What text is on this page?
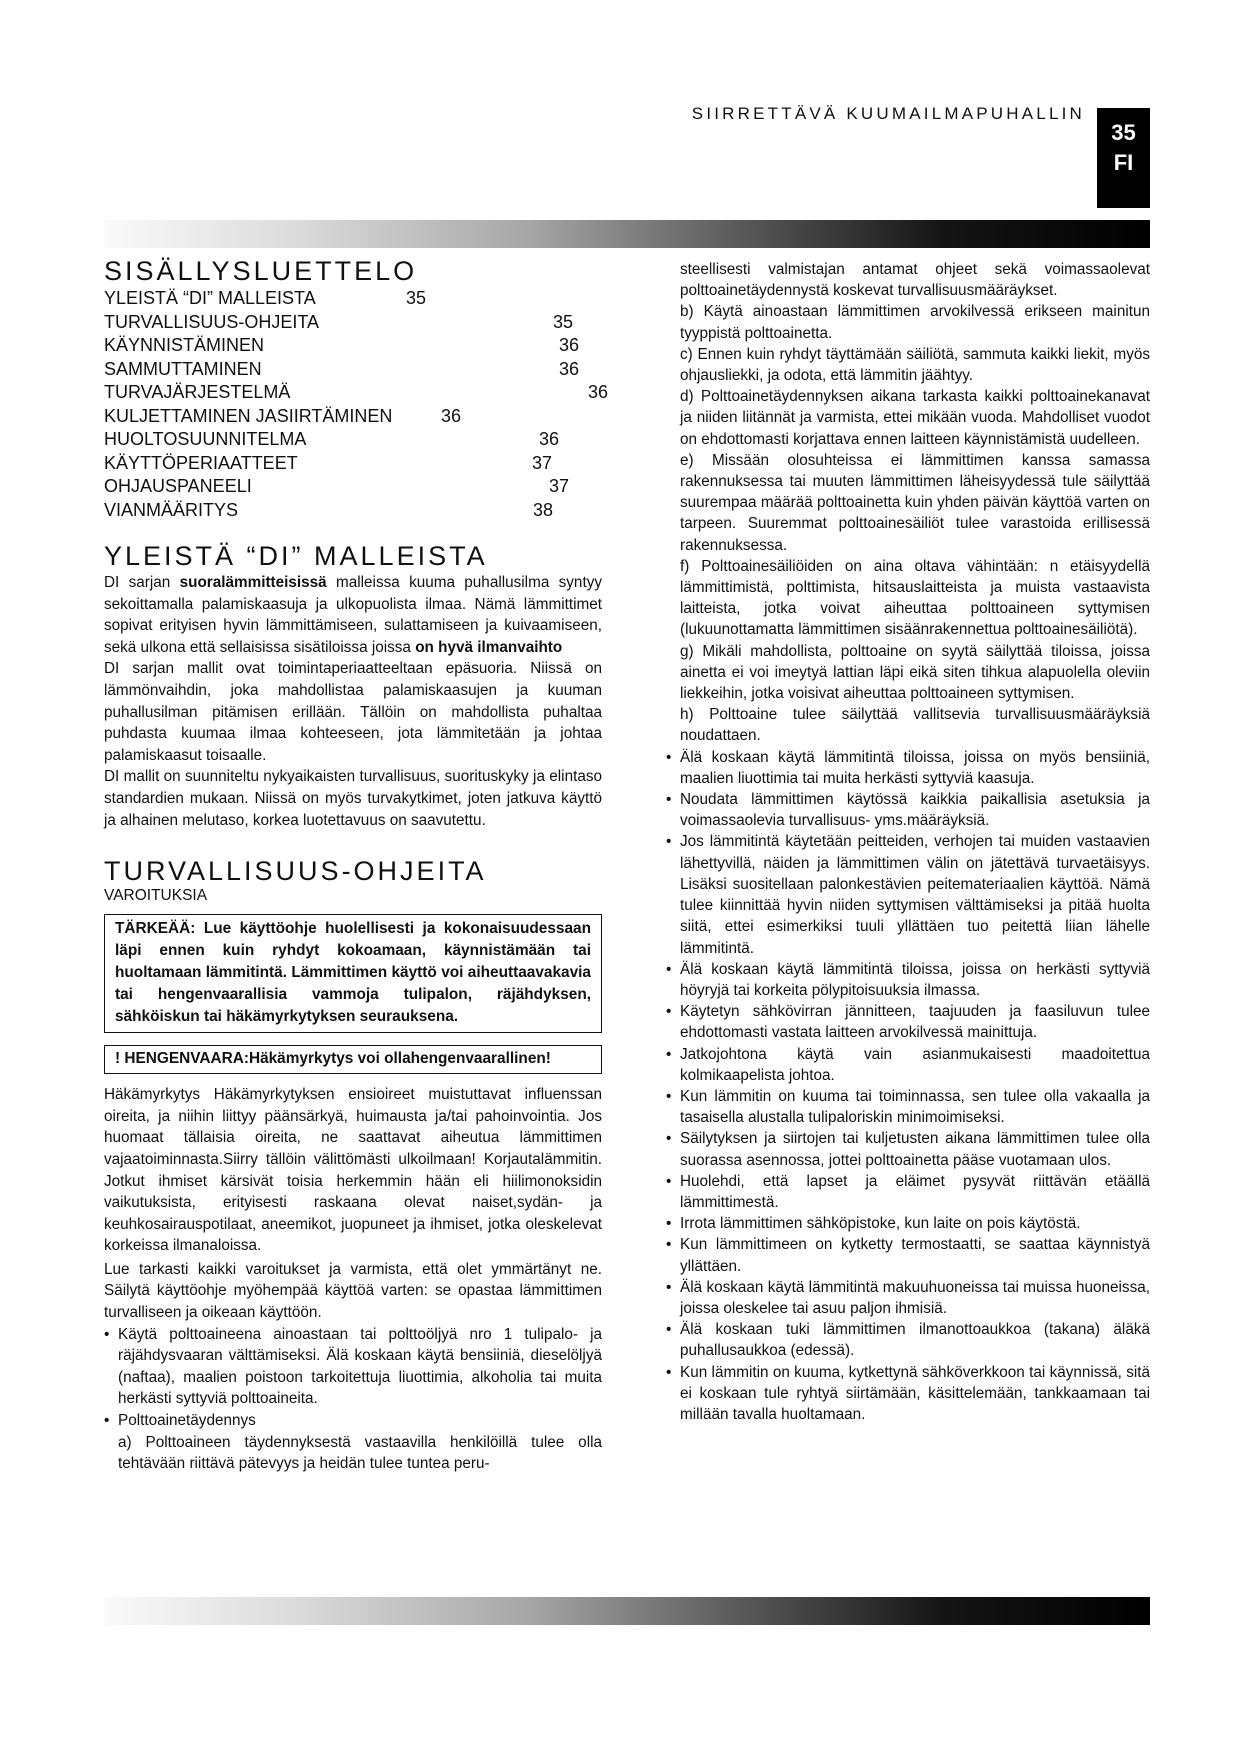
SIIRRETTÄVÄ KUUMAILMAPUHALLIN
35
FI
SISÄLLYSLUETTELO
YLEISTÄ “DI” MALLEISTA	35
TURVALLISUUS-OHJEITA	35
KÄYNNISTÄMINEN	36
SAMMUTTAMINEN	36
TURVAJÄRJESTELMÄ	36
KULJETTAMINEN JASIIRTÄMINEN	36
HUOLTOSUUNNITELMA	36
KÄYTTÖPERIAATTEET	37
OHJAUSPANEELI	37
VIANMÄÄRITYS	38
YLEISTÄ “DI” MALLEISTA

DI sarjan suoralämmitteisissä malleissa kuuma puhallusilma syntyy sekoittamalla palamiskaasuja ja ulkopuolista ilmaa. Nämä lämmittimet sopivat erityisen hyvin lämmittämiseen, sulattamiseen ja kuivaamiseen, sekä ulkona että sellaisissa sisätiloissa joissa on hyvä ilmanvaihto

DI sarjan mallit ovat toimintaperiaatteeltaan epäsuoria. Niissä on lämmönvaihdin, joka mahdollistaa palamiskaasujen ja kuuman puhallusilman pitämisen erillään. Tällöin on mahdollista puhaltaa puhdasta kuumaa ilmaa kohteeseen, jota lämmitetään ja johtaa palamiskaasut toisaalle.

DI mallit on suunniteltu nykyaikaisten turvallisuus, suorituskyky ja elintaso standardien mukaan. Niissä on myös turvakytkimet, joten jatkuva käyttö ja alhainen melutaso, korkea luotettavuus on saavutettu.

TURVALLISUUS-OHJEITA
VAROITUKSIA
TÄRKEÄÄ: Lue käyttöohje huolellisesti ja kokonaisuudessaan läpi ennen kuin ryhdyt kokoamaan, käynnistämään tai huoltamaan lämmitintä. Lämmittimen käyttö voi aiheuttaavakavia tai hengenvaarallisia vammoja tulipalon, räjähdyksen, sähköiskun tai häkämyrkytyksen seurauksena.
! HENGENVAARA:Häkämyrkytys voi ollahengenvaarallinen!

Häkämyrkytys Häkämyrkytyksen ensioireet muistuttavat influenssan oireita, ja niihin liittyy päänsärkyä, huimausta ja/tai pahoinvointia. Jos huomaat tällaisia oireita, ne saattavat aiheutua lämmittimen vajaatoiminnasta.Siirry tällöin välittömästi ulkoilmaan! Korjautalämmitin. Jotkut ihmiset kärsivät toisia herkemmin hään eli hiilimonoksidin vaikutuksista, erityisesti raskaana olevat naiset,sydän- ja keuhkosairauspotilaat, aneemikot, juopuneet ja ihmiset, jotka oleskelevat korkeissa ilmanaloissa.

Lue tarkasti kaikki varoitukset ja varmista, että olet ymmärtänyt ne. Säilytä käyttöohje myöhempää käyttöä varten: se opastaa lämmittimen turvalliseen ja oikeaan käyttöön.

• Käytä polttoaineena ainoastaan tai polttoöljyä nro 1 tulipalo- ja räjähdysvaaran välttämiseksi. Älä koskaan käytä bensiiniä, dieselöljyä (naftaa), maalien poistoon tarkoitettuja liuottimia, alkoholia tai muita herkästi syttyviä polttoaineita.
• Polttoainetäydennys

a) Polttoaineen täydennyksestä vastaavilla henkilöillä tulee olla tehtävään riittävä pätevyys ja heidän tulee tuntea peru-

steellisesti valmistajan antamat ohjeet sekä voimassaolevat polttoainetäydennystä koskevat turvallisuusmääräykset.

b) Käytä ainoastaan lämmittimen arvokilvessä erikseen mainitun tyyppistä polttoainetta.

c) Ennen kuin ryhdyt täyttämään säiliötä, sammuta kaikki liekit, myös ohjausliekki, ja odota, että lämmitin jäähtyy.

d) Polttoainetäydennyksen aikana tarkasta kaikki polttoainekanavat ja niiden liitännät ja varmista, ettei mikään vuoda. Mahdolliset vuodot on ehdottomasti korjattava ennen laitteen käynnistämistä uudelleen.

e) Missään olosuhteissa ei lämmittimen kanssa samassa rakennuksessa tai muuten lämmittimen läheisyydessä tule säilyttää suurempaa määrää polttoainetta kuin yhden päivän käyttöä varten on tarpeen. Suuremmat polttoainesäiliöt tulee varastoida erillisessä rakennuksessa.

f) Polttoainesäiliöiden on aina oltava vähintään: n etäisyydellä lämmittimistä, polttimista, hitsauslaitteista ja muista vastaavista laitteista, jotka voivat aiheuttaa polttoaineen syttymisen (lukuunottamatta lämmittimen sisäänrakennettua polttoainesäiliötä).

g) Mikäli mahdollista, polttoaine on syytä säilyttää tiloissa, joissa ainetta ei voi imeytyä lattian läpi eikä siten tihkua alapuolella oleviin liekkeihin, jotka voisivat aiheuttaa polttoaineen syttymisen.

h) Polttoaine tulee säilyttää vallitsevia turvallisuusmääräyksiä noudattaen.

• Älä koskaan käytä lämmitintä tiloissa, joissa on myös bensiiniä, maalien liuottimia tai muita herkästi syttyviä kaasuja.

• Noudata lämmittimen käytössä kaikkia paikallisia asetuksia ja voimassaolevia turvallisuus- yms.määräyksiä.

• Jos lämmitintä käytetään peitteiden, verhojen tai muiden vastaavien lähettyvillä, näiden ja lämmittimen välin on jätettävä turvaetäisyys. Lisäksi suositellaan palonkestävien peitemateriaalien käyttöä. Nämä tulee kiinnittää hyvin niiden syttymisen välttämiseksi ja pitää huolta siitä, ettei esimerkiksi tuuli yllättäen tuo peitettä liian lähelle lämmitintä.

• Älä koskaan käytä lämmitintä tiloissa, joissa on herkästi syttyviä höyryjä tai korkeita pölypitoisuuksia ilmassa.

• Käytetyn sähkövirran jännitteen, taajuuden ja faasiluvun tulee ehdottomasti vastata laitteen arvokilvessä mainittuja.

• Jatkojohtona käytä vain asianmukaisesti maadoitettua kolmikaapelista johtoa.

• Kun lämmitin on kuuma tai toiminnassa, sen tulee olla vakaalla ja tasaisella alustalla tulipaloriskin minimoimiseksi.

• Säilytyksen ja siirtojen tai kuljetusten aikana lämmittimen tulee olla suorassa asennossa, jottei polttoainetta pääse vuotamaan ulos.

• Huolehdi, että lapset ja eläimet pysyvät riittävän etäällä lämmittimestä.

• Irrota lämmittimen sähköpistoke, kun laite on pois käytöstä.

• Kun lämmittimeen on kytketty termostaatti, se saattaa käynnistyä yllättäen.

• Älä koskaan käytä lämmitintä makuuhuoneissa tai muissa huoneissa, joissa oleskelee tai asuu paljon ihmisiä.

• Älä koskaan tuki lämmittimen ilmanottoaukkoa (takana) äläkä puhallusaukkoa (edessä).

• Kun lämmitin on kuuma, kytkettynä sähköverkkoon tai käynnissä, sitä ei koskaan tule ryhtyä siirtämään, käsittelemään, tankkaamaan tai millään tavalla huoltamaan.
